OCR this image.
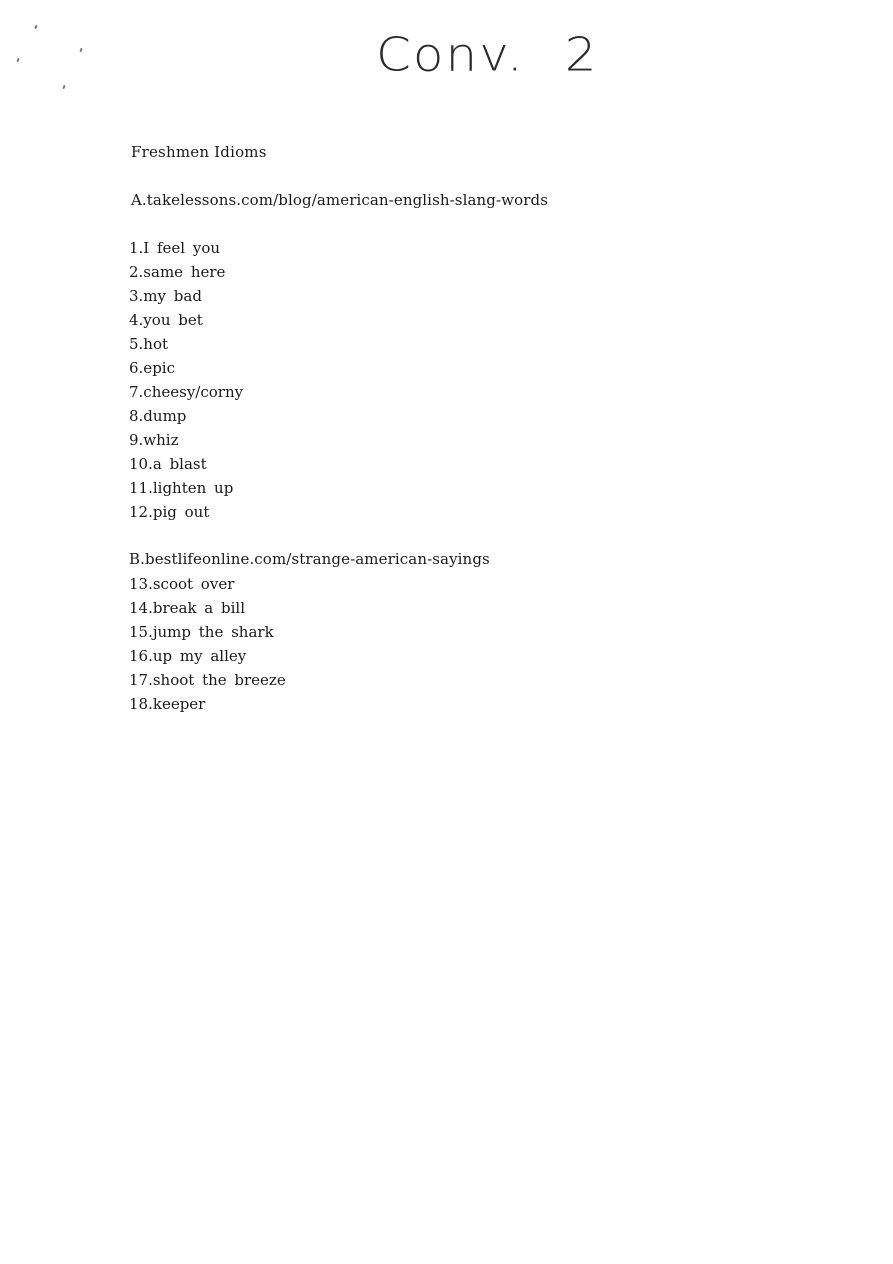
Conv. 2
Freshmen Idioms
A.takelessons.com/blog/american-english-slang-words
1.I feel you
2.same here
3.my bad
4.you bet
5.hot
6.epic
7.cheesy/corny
8.dump
9.whiz
10.a blast
11.lighten up
12.pig out
B.bestlifeonline.com/strange-american-sayings
13.scoot over
14.break a bill
15.jump the shark
16.up my alley
17.shoot the breeze
18.keeper
